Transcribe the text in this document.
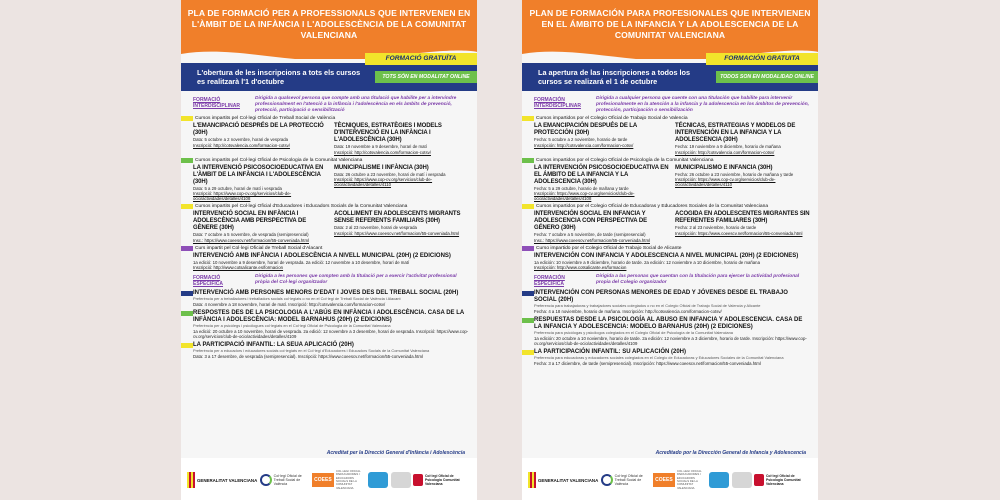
PLA DE FORMACIÓ PER A PROFESSIONALS QUE INTERVENEN EN L'ÀMBIT DE LA INFÀNCIA I L'ADOLESCÈNCIA DE LA COMUNITAT VALENCIANA
L'obertura de les inscripcions a tots els cursos es realitzarà l'1 d'octubre	TOTS SÓN EN MODALITAT ONLINE
FORMACIÓ GRATUÏTA
FORMACIÓ INTERDISCIPLINAR
Dirigida a qualsevol persona que compte amb una titulació que habilite per a intervindre professionalment en l'atenció a la infància i l'adolescència en els àmbits de prevenció, protecció, participació o sensibilització
Cursos impartits pel Col·legi Oficial de Treball Social de València
L'EMANCIPACIÓ DESPRÉS DE LA PROTECCIÓ (30H)
Data: 5 octubre a 2 novembre, horari de vesprada
Inscripció: http://cotsvalencia.com/formacion-cotsv/
TÈCNIQUES, ESTRATÈGIES I MODELS D'INTERVENCIÓ EN LA INFÀNCIA I L'ADOLESCÈNCIA (30H)
Data: 19 novembre a 9 desembre, horari de matí
Inscripció: http://cotsvalencia.com/formacion-cotsv/
Cursos impartits pel Col·legi Oficial de Psicologia de la Comunitat Valenciana
LA INTERVENCIÓ PSICOSOCIOEDUCATIVA EN L'ÀMBIT DE LA INFÀNCIA I L'ADOLESCÈNCIA (30H)
Data: 5 a 29 octubre, horari de matí i vesprada
Inscripció: https://www.cop-cv.org/servicios/club-de-ocio/actividades/detalles/4108
MUNICIPALISME I INFÀNCIA (30H)
Data: 26 octubre a 23 novembre, horari de matí i vesprada
Inscripció: https://www.cop-cv.org/servicios/club-de-ocio/actividades/detalles/4110
Cursos impartits pel Col·legi Oficial d'Educadores i Educadors Socials de la Comunitat Valenciana
INTERVENCIÓ SOCIAL EN INFÀNCIA I ADOLESCÈNCIA AMB PERSPECTIVA DE GÈNERE (30H)
Data: 7 octubre a 5 novembre, de vesprada (semipresencial)
Insc.: https://www.coeescv.net/formacion/55-conveniada.html
ACOLLIMENT EN ADOLESCENTS MIGRANTS SENSE REFERENTS FAMILIARS (30H)
Data: 2 al 23 novembre, horari de vesprada
Inscripció: https://www.coeescv.net/formacion/55-conveniada.html
Curs impartit pel Col·legi Oficial de Treball Social d'Alacant
INTERVENCIÓ AMB INFÀNCIA I ADOLESCÈNCIA A NIVELL MUNICIPAL (20H) (2 EDICIONS)
1a edició: 10 novembre a 9 desembre, horari de vesprada. 2a edició: 12 novembre a 10 desembre, horari de matí
Inscripció: http://www.cotsalicante.es/formacion
FORMACIÓ ESPECÍFICA
Dirigida a les persones que compten amb la titulació per a exercir l'activitat professional pròpia del Col·legi organitzador
INTERVENCIÓ AMB PERSONES MENORS D'EDAT I JOVES DES DEL TREBALL SOCIAL (20H)
Preferència per a treballadores i treballadors socials col·legiats o no en el Col·legi de Treball Social de València i Alacant
Data: 4 novembre a 18 novembre, horari de matí. Inscripció: http://cotsvalencia.com/formacion-cotsv/
RESPOSTES DES DE LA PSICOLOGIA A L'ABÚS EN INFÀNCIA I ADOLESCÈNCIA. CASA DE LA INFÀNCIA I ADOLESCÈNCIA: MODEL BARNAHUS (20H) (2 EDICIONS)
Preferència per a psicòlegs i psicòlogues col·legiats en el Col·legi Oficial de Psicologia de la Comunitat Valenciana
1a edició: 20 octubre a 10 novembre, horari de vesprada. 2a edició: 12 novembre a 3 desembre, horari de vesprada. Inscripció: https://www.cop-cv.org/servicios/club-de-ocio/actividades/detalles/4109
LA PARTICIPACIÓ INFANTIL: LA SEUA APLICACIÓ (20H)
Preferència per a educadors i educadores socials col·legiats en el Col·legi d'Educadores i Educadors Socials de la Comunitat Valenciana
Data: 3 a 17 desembre, de vesprada (semipresencial). Inscripció: https://www.coeescv.net/formacion/55-conveniada.html
Acreditat per la Direcció General d'Infància i Adolescència
GENERALITAT VALENCIANA
Col·legi Oficial de Treball Social de València
COEES
COL·LEGI OFICIAL D'EDUCADORES I EDUCADORS SOCIALS DE LA COMUNITAT VALENCIANA
Col·legi Oficial de Psicologia Comunitat Valenciana
PLAN DE FORMACIÓN PARA PROFESIONALES QUE INTERVIENEN EN EL ÁMBITO DE LA INFANCIA Y LA ADOLESCENCIA DE LA COMUNITAT VALENCIANA
La apertura de las inscripciones a todos los cursos se realizará el 1 de octubre	TODOS SON EN MODALIDAD ONLINE
FORMACIÓN GRATUITA
FORMACIÓN INTERDISCIPLINAR
Dirigida a cualquier persona que cuente con una titulación que habilite para intervenir profesionalmente en la atención a la infancia y la adolescencia en los ámbitos de prevención, protección, participación o sensibilización
Cursos impartidos por el Colegio Oficial de Trabajo Social de Valencia
LA EMANCIPACIÓN DESPUÉS DE LA PROTECCIÓN (30H)
Fecha: 5 octubre a 2 noviembre, horario de tarde
Inscripción: http://cotsvalencia.com/formacion-cotsv/
TÉCNICAS, ESTRATEGIAS Y MODELOS DE INTERVENCIÓN EN LA INFANCIA Y LA ADOLESCENCIA (30H)
Fecha: 19 noviembre a 9 diciembre, horario de mañana
Inscripción: http://cotsvalencia.com/formacion-cotsv/
Cursos impartidos por el Colegio Oficial de Psicología de la Comunitat Valenciana
LA INTERVENCIÓN PSICOSOCIOEDUCATIVA EN EL ÁMBITO DE LA INFANCIA Y LA ADOLESCENCIA (30H)
Fecha: 5 a 29 octubre, horario de mañana y tarde
Inscripción: https://www.cop-cv.org/servicios/club-de-ocio/actividades/detalles/4108
MUNICIPALISMO E INFANCIA (30H)
Fecha: 26 octubre a 23 noviembre, horario de mañana y tarde
Inscripción: https://www.cop-cv.org/servicios/club-de-ocio/actividades/detalles/4110
Cursos impartidos por el Colegio Oficial de Educadoras y Educadores Sociales de la Comunitat Valenciana
INTERVENCIÓN SOCIAL EN INFANCIA Y ADOLESCENCIA CON PERSPECTIVA DE GÉNERO (30H)
Fecha: 7 octubre a 5 noviembre, de tarde (semipresencial)
Insc.: https://www.coeescv.net/formacion/55-conveniada.html
ACOGIDA EN ADOLESCENTES MIGRANTES SIN REFERENTES FAMILIARES (30H)
Fecha: 2 al 23 noviembre, horario de tarde
Inscripción: https://www.coeescv.net/formacion/55-conveniada.html
Curso impartido por el Colegio Oficial de Trabajo Social de Alicante
INTERVENCIÓN CON INFANCIA Y ADOLESCENCIA A NIVEL MUNICIPAL (20H) (2 EDICIONES)
1a edición: 10 noviembre a 9 diciembre, horario de tarde. 2a edición: 12 noviembre a 10 diciembre, horario de mañana
Inscripción: http://www.cotsalicante.es/formacion
FORMACIÓN ESPECÍFICA
Dirigida a las personas que cuentan con la titulación para ejercer la actividad profesional propia del Colegio organizador
INTERVENCIÓN CON PERSONAS MENORES DE EDAD Y JÓVENES DESDE EL TRABAJO SOCIAL (20H)
Preferencia para trabajadoras y trabajadores sociales colegiados o no en el Colegio Oficial de Trabajo Social de Valencia y Alicante
Fecha: 4 a 18 noviembre, horario de mañana. Inscripción: http://cotsvalencia.com/formacion-cotsv/
RESPUESTAS DESDE LA PSICOLOGÍA AL ABUSO EN INFANCIA Y ADOLESCENCIA. CASA DE LA INFANCIA Y ADOLESCENCIA: MODELO BARNAHUS (20H) (2 EDICIONES)
Preferencia para psicólogas y psicólogos colegiados en el Colegio Oficial de Psicología de la Comunitat Valenciana
1a edición: 20 octubre a 10 noviembre, horario de tarde. 2a edición: 12 noviembre a 3 diciembre, horario de tarde. Inscripción: https://www.cop-cv.org/servicios/club-de-ocio/actividades/detalles/4109
LA PARTICIPACIÓN INFANTIL: SU APLICACIÓN (20H)
Preferencia para educadoras y educadores sociales colegiados en el Colegio de Educadoras y Educadores Sociales de la Comunitat Valenciana
Fecha: 3 a 17 diciembre, de tarde (semipresencial). Inscripción: https://www.coeescv.net/formacion/55-conveniada.html
Acreditado por la Dirección General de Infancia y Adolescencia
GENERALITAT VALENCIANA
Col·legi Oficial de Treball Social de València
COEES
COL·LEGI OFICIAL D'EDUCADORES I EDUCADORS SOCIALS DE LA COMUNITAT VALENCIANA
Col·legi Oficial de Psicologia Comunitat Valenciana
